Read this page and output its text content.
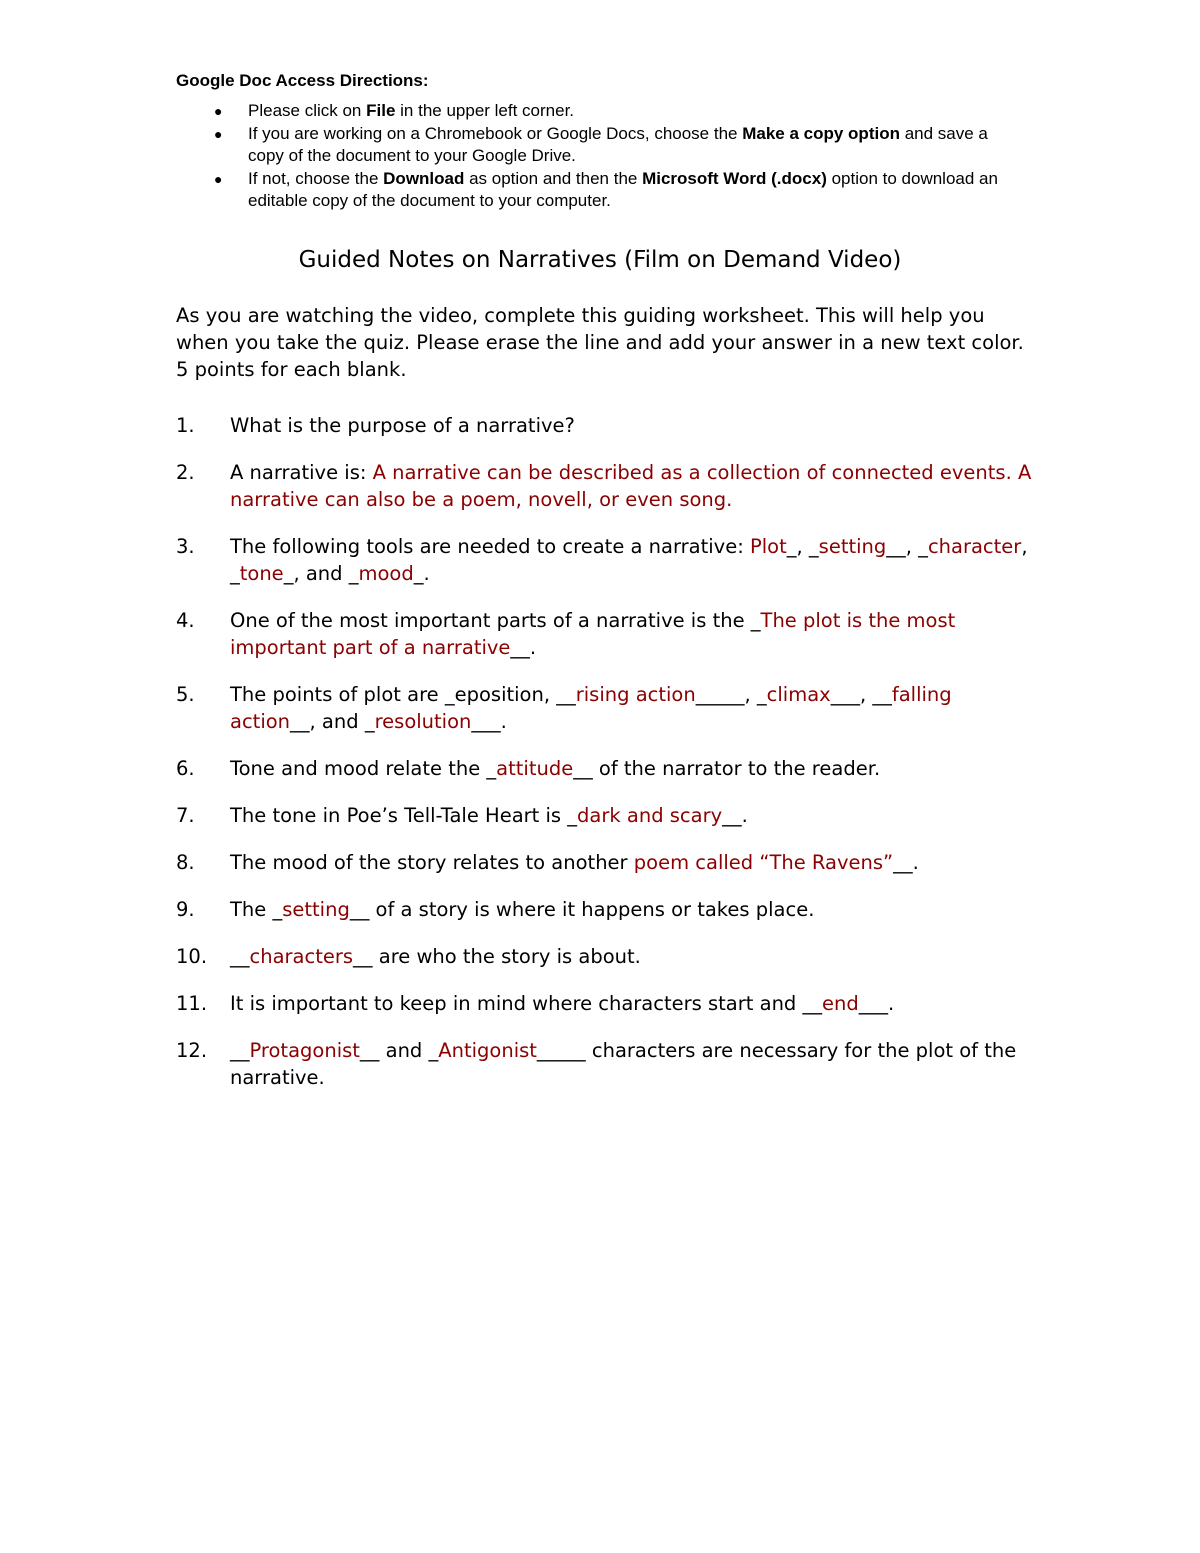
Google Doc Access Directions:
● Please click on File in the upper left corner.
● If you are working on a Chromebook or Google Docs, choose the Make a copy option and save a copy of the document to your Google Drive.
● If not, choose the Download as option and then the Microsoft Word (.docx) option to download an editable copy of the document to your computer.
Guided Notes on Narratives (Film on Demand Video)
As you are watching the video, complete this guiding worksheet. This will help you when you take the quiz. Please erase the line and add your answer in a new text color. 5 points for each blank.
1. What is the purpose of a narrative?
2. A narrative is: A narrative can be described as a collection of connected events. A narrative can also be a poem, novell, or even song.
3. The following tools are needed to create a narrative: Plot_, _setting__, _character, _tone_, and _mood_.
4. One of the most important parts of a narrative is the _The plot is the most important part of a narrative__.
5. The points of plot are _eposition, __rising action_____, _climax___, __falling action__, and _resolution___.
6. Tone and mood relate the _attitude__ of the narrator to the reader.
7. The tone in Poe’s Tell-Tale Heart is _dark and scary__.
8. The mood of the story relates to another poem called “The Ravens”__.
9. The _setting__ of a story is where it happens or takes place.
10. __characters__ are who the story is about.
11. It is important to keep in mind where characters start and __end___.
12. __Protagonist__ and _Antigonist_____ characters are necessary for the plot of the narrative.
